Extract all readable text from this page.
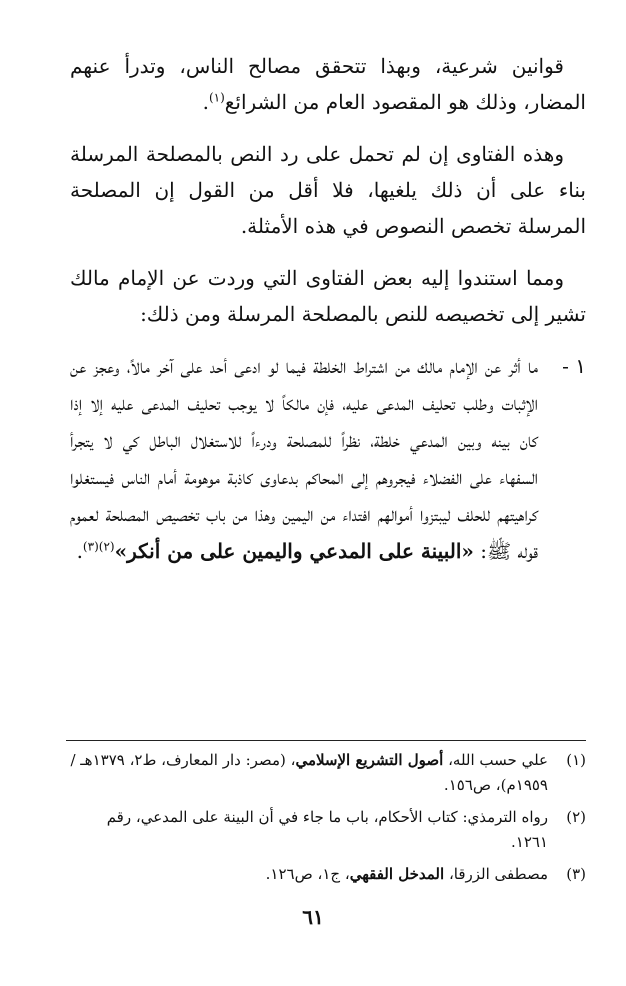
قوانين شرعية، وبهذا تتحقق مصالح الناس، وتدرأ عنهم المضار، وذلك هو المقصود العام من الشرائع$^{(١)}$.

وهذه الفتاوى إن لم تحمل على رد النص بالمصلحة المرسلة بناء على أن ذلك يلغيها، فلا أقل من القول إن المصلحة المرسلة تخصص النصوص في هذه الأمثلة.

ومما استندوا إليه بعض الفتاوى التي وردت عن الإمام مالك تشير إلى تخصيصه للنص بالمصلحة المرسلة ومن ذلك:

١ -
ما أثر عن الإمام مالك من اشتراط الخلطة فيما لو ادعى أحد على آخر مالاً، وعجز عن الإثبات وطلب تحليف المدعى عليه، فإن مالكاً لا يوجب تحليف المدعى عليه إلا إذا كان بينه وبين المدعي خلطة، نظراً للمصلحة ودرءاً للاستغلال الباطل كي لا يتجرأ السفهاء على الفضلاء فيجروهم إلى المحاكم بدعاوى كاذبة موهومة أمام الناس فيستغلوا كراهيتهم للحلف ليبتزوا أموالهم افتداء من اليمين وهذا من باب تخصيص المصلحة لعموم قوله ﷺ: «البينة على المدعي واليمين على من أنكر»$^{(٢)(٣)}$.
(١)
علي حسب الله، أصول التشريع الإسلامي، (مصر: دار المعارف، ط٢، ١٣٧٩هـ /١٩٥٩م)، ص١٥٦.
(٢)
رواه الترمذي: كتاب الأحكام، باب ما جاء في أن البينة على المدعي، رقم ١٢٦١.
(٣)
مصطفى الزرقا، المدخل الفقهي، ج١، ص١٢٦.
٦١
